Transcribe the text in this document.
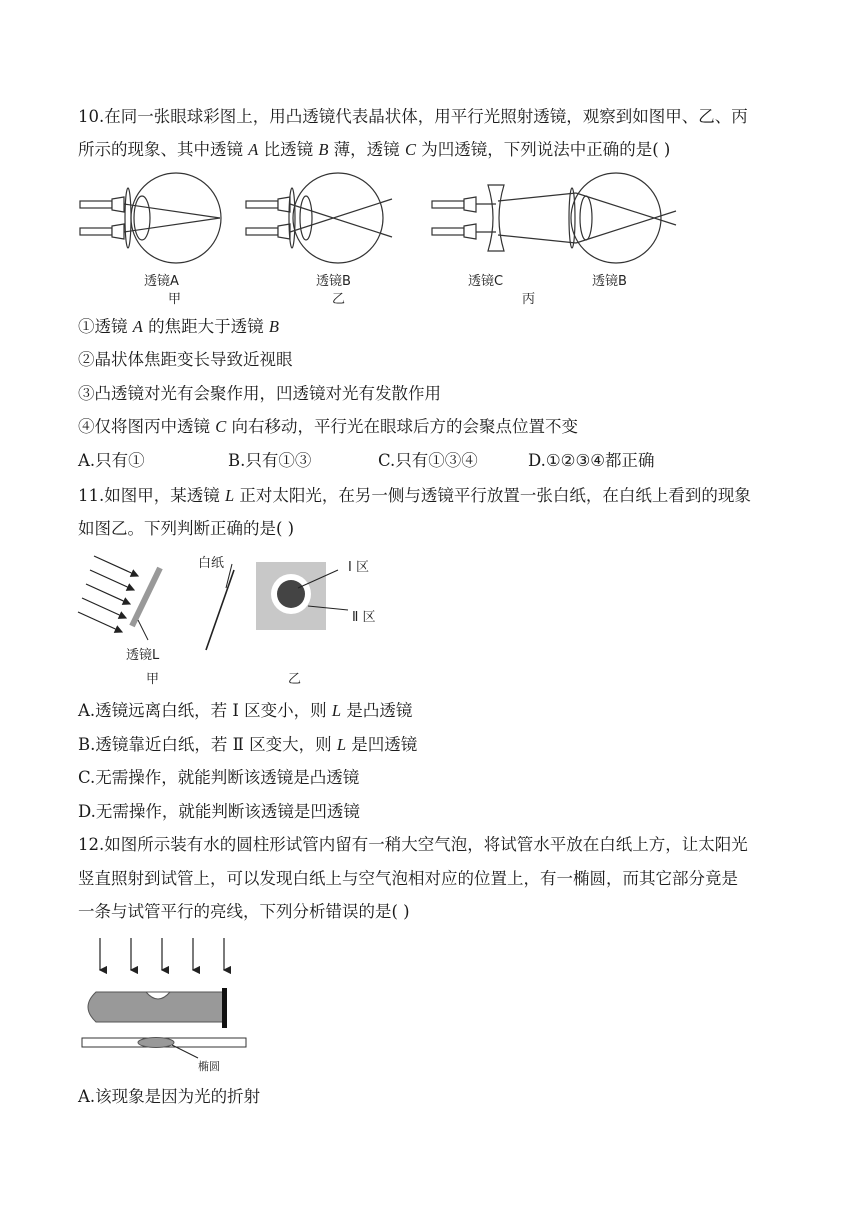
10.在同一张眼球彩图上，用凸透镜代表晶状体，用平行光照射透镜，观察到如图甲、乙、丙
所示的现象、其中透镜 A 比透镜 B 薄，透镜 C 为凹透镜，下列说法中正确的是( )
透镜A
甲
透镜B
乙
透镜C	透镜B
丙
①透镜 A 的焦距大于透镜 B
②晶状体焦距变长导致近视眼
③凸透镜对光有会聚作用，凹透镜对光有发散作用
④仅将图丙中透镜 C 向右移动，平行光在眼球后方的会聚点位置不变
A.只有①	B.只有①③	C.只有①③④	D.①②③④都正确
11.如图甲，某透镜 L 正对太阳光，在另一侧与透镜平行放置一张白纸，在白纸上看到的现象
如图乙。下列判断正确的是( )
白纸
透镜L
甲	乙
Ⅰ 区
Ⅱ 区
A.透镜远离白纸，若 Ⅰ 区变小，则 L 是凸透镜
B.透镜靠近白纸，若 Ⅱ 区变大，则 L 是凹透镜
C.无需操作，就能判断该透镜是凸透镜
D.无需操作，就能判断该透镜是凹透镜
12.如图所示装有水的圆柱形试管内留有一稍大空气泡，将试管水平放在白纸上方，让太阳光
竖直照射到试管上，可以发现白纸上与空气泡相对应的位置上，有一椭圆，而其它部分竟是
一条与试管平行的亮线，下列分析错误的是( )
椭圆
A.该现象是因为光的折射
